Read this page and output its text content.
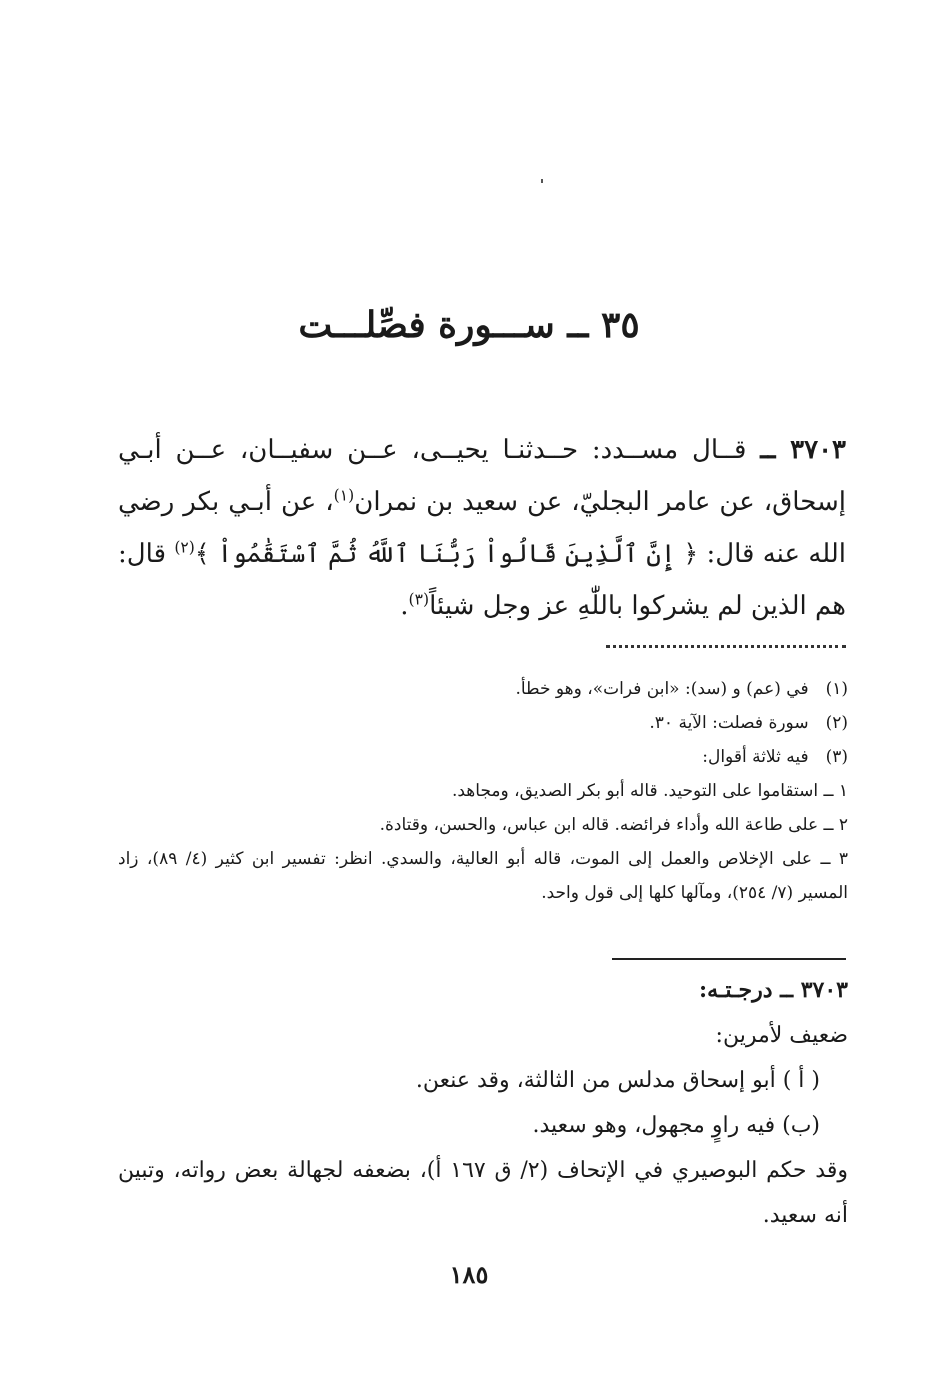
٣٥ ــ ســـورة فصِّلـــت

٣٧٠٣ ــ قــال مســدد: حــدثنـا يحيــى، عــن سفيــان، عــن أبـي إسحاق، عن عامر البجليّ، عن سعيد بن نمران$^{(١)}$، عن أبـي بكر رضي الله عنه قال: ﴿ إِنَّ ٱلَّذِينَ قَالُواْ رَبُّنَا ٱللَّهُ ثُمَّ ٱسْتَقَٰمُواْ ﴾$^{(٢)}$ قال: هم الذين لم يشركوا باللّٰهِ عز وجل شيئاً$^{(٣)}$.

(١) في (عم) و (سد): «ابن فرات»، وهو خطأ.
(٢) سورة فصلت: الآية ٣٠.
(٣) فيه ثلاثة أقوال:
١ ــ استقاموا على التوحيد. قاله أبو بكر الصديق، ومجاهد.
٢ ــ على طاعة الله وأداء فرائضه. قاله ابن عباس، والحسن، وقتادة.
٣ ــ على الإخلاص والعمل إلى الموت، قاله أبو العالية، والسدي. انظر: تفسير ابن كثير (٤/ ٨٩)، زاد المسير (٧/ ٢٥٤)، ومآلها كلها إلى قول واحد.

٣٧٠٣ ــ درجـتـه:

ضعيف لأمرين:

( أ ) أبو إسحاق مدلس من الثالثة، وقد عنعن.

(ب) فيه راوٍ مجهول، وهو سعيد.

وقد حكم البوصيري في الإتحاف (٢/ ق ١٦٧ أ)، بضعفه لجهالة بعض رواته، وتبين أنه سعيد.

١٨٥
